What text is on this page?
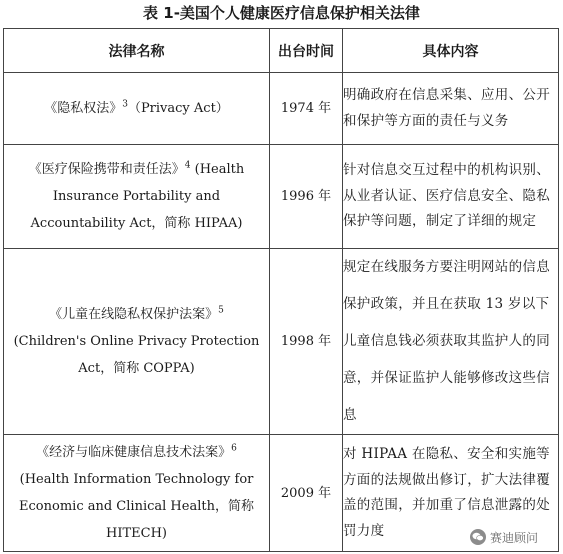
表 1-美国个人健康医疗信息保护相关法律
法律名称	出台时间	具体内容
《隐私权法》$^3$（Privacy Act）	1974 年	明确政府在信息采集、应用、公开和保护等方面的责任与义务

《医疗保险携带和责任法》$^4$ (Health
Insurance Portability and
Accountability Act，简称 HIPAA)	1996 年	针对信息交互过程中的机构识别、从业者认证、医疗信息安全、隐私保护等问题，制定了详细的规定

《儿童在线隐私权保护法案》$^5$
(Children's Online Privacy Protection
Act，简称 COPPA)	1998 年	规定在线服务方要注明网站的信息保护政策，并且在获取 13 岁以下儿童信息钱必须获取其监护人的同意，并保证监护人能够修改这些信息

《经济与临床健康信息技术法案》$^6$
(Health Information Technology for
Economic and Clinical Health，简称
HITECH)	2009 年	对 HIPAA 在隐私、安全和实施等方面的法规做出修订，扩大法律覆盖的范围，并加重了信息泄露的处罚力度	赛迪顾问
